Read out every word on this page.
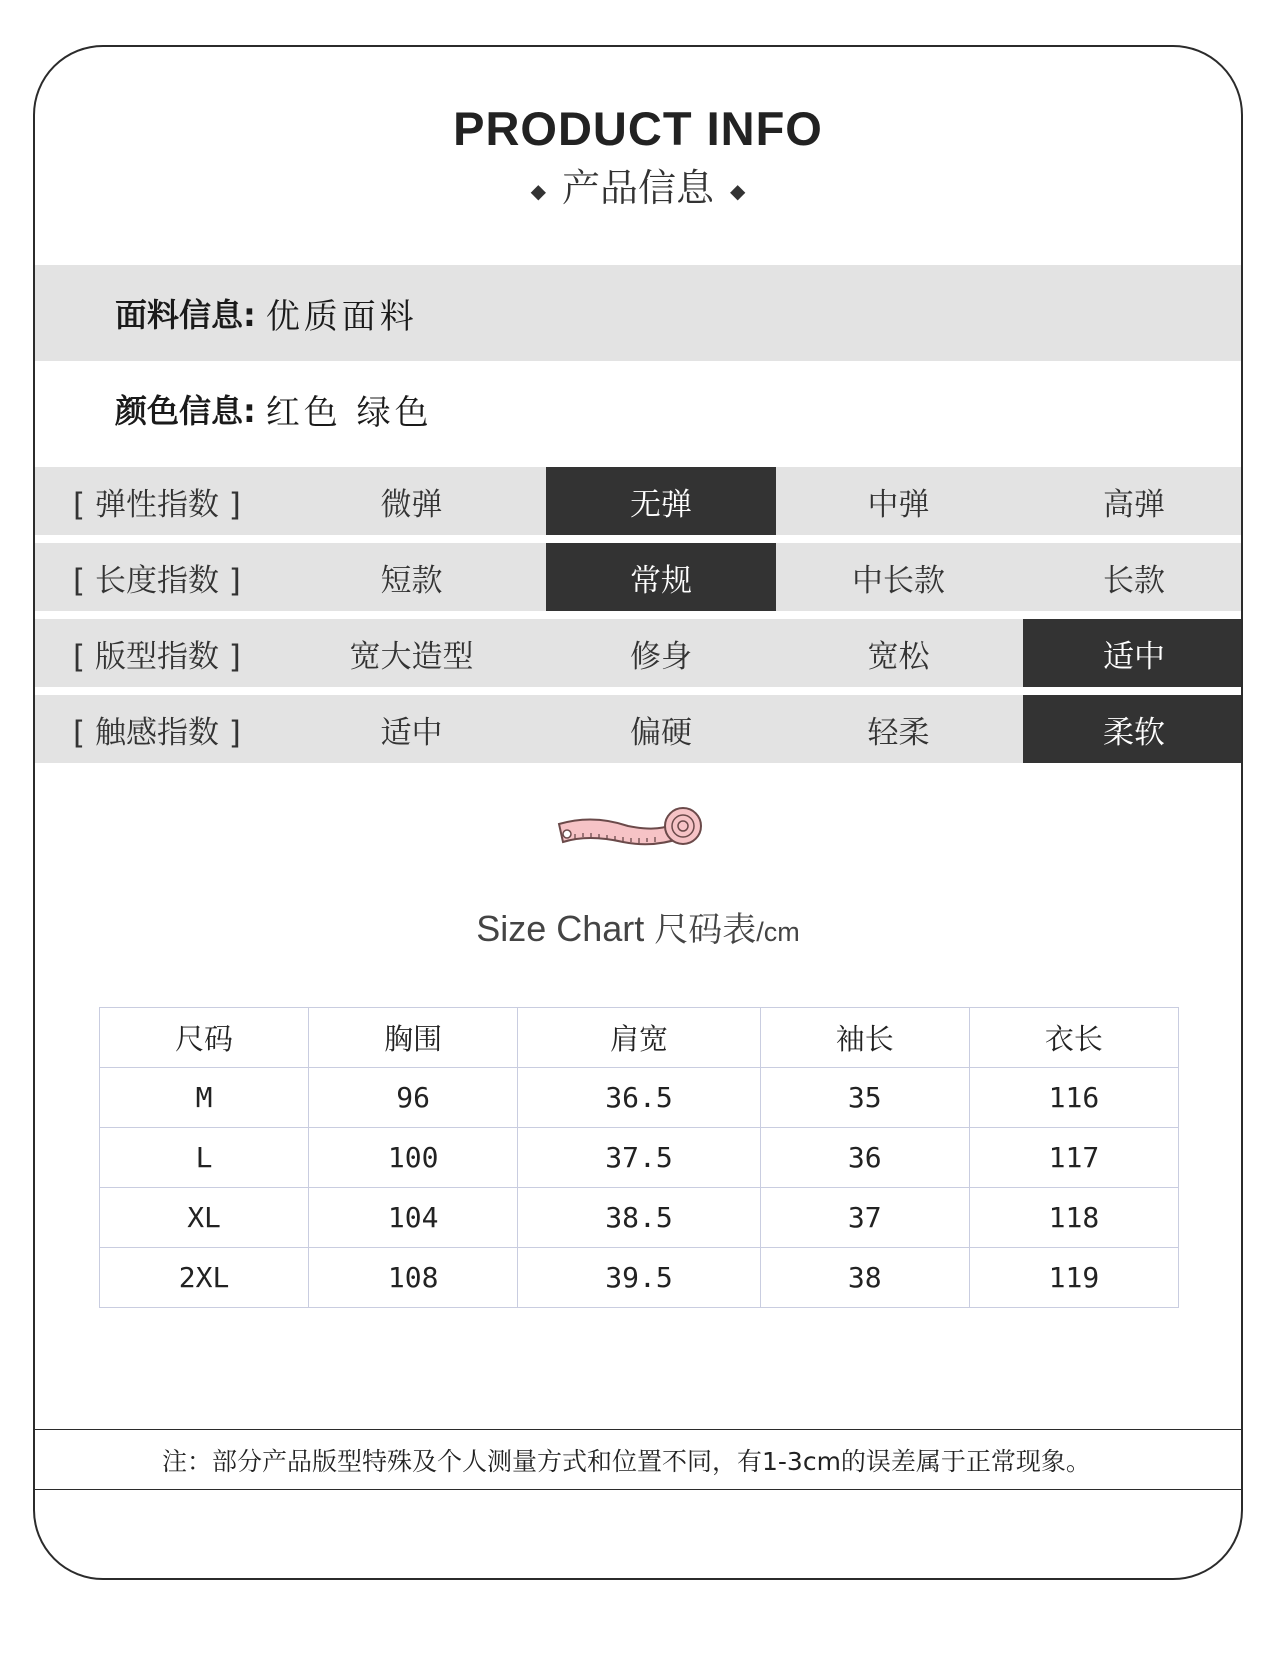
PRODUCT INFO
◆ 产品信息 ◆
面料信息: 优质面料
颜色信息: 红色 绿色
[ 弹性指数 ]	微弹	无弹	中弹	高弹
[ 长度指数 ]	短款	常规	中长款	长款
[ 版型指数 ]	宽大造型	修身	宽松	适中
[ 触感指数 ]	适中	偏硬	轻柔	柔软
Size Chart 尺码表/cm
尺码	胸围	肩宽	袖长	衣长
M	96	36.5	35	116
L	100	37.5	36	117
XL	104	38.5	37	118
2XL	108	39.5	38	119
注：部分产品版型特殊及个人测量方式和位置不同，有1-3cm的误差属于正常现象。
